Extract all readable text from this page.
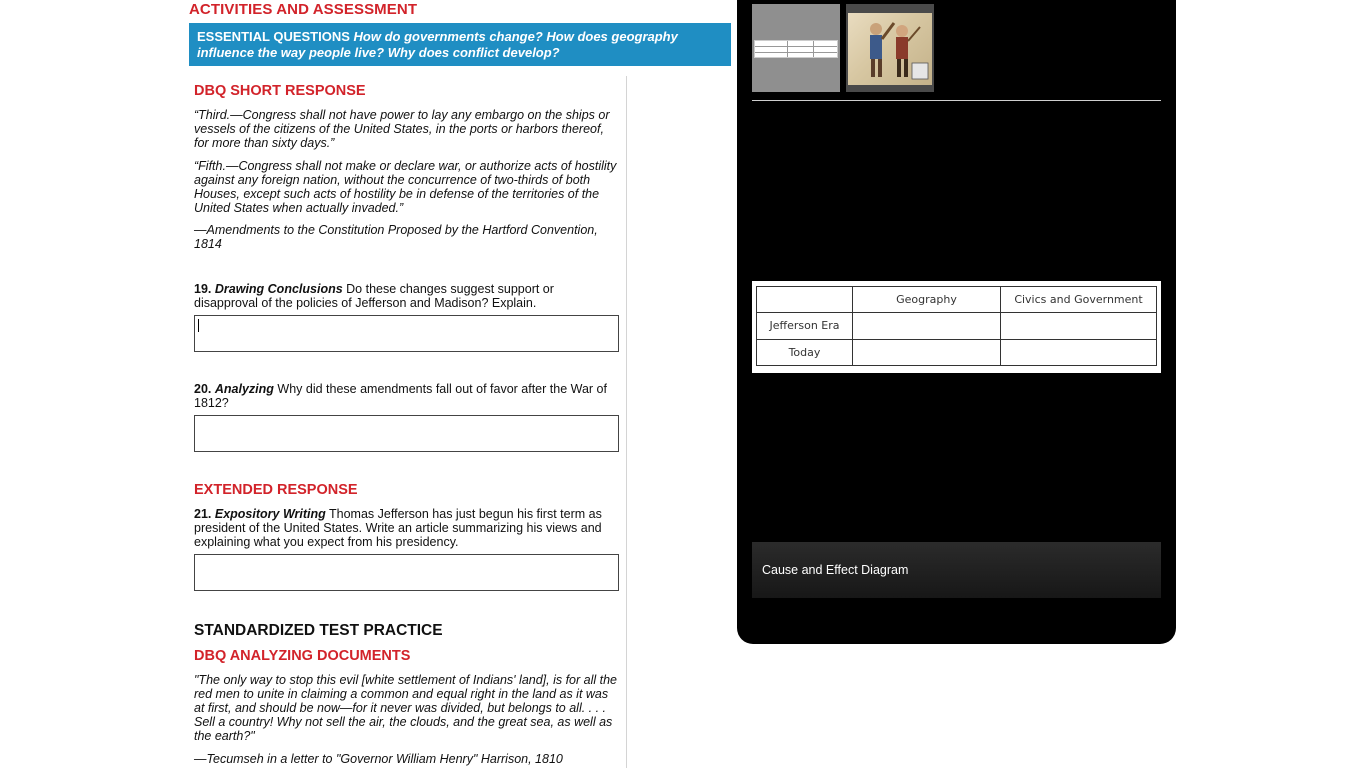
ACTIVITIES AND ASSESSMENT
ESSENTIAL QUESTIONS How do governments change? How does geography influence the way people live? Why does conflict develop?
DBQ SHORT RESPONSE
“Third.—Congress shall not have power to lay any embargo on the ships or vessels of the citizens of the United States, in the ports or harbors thereof, for more than sixty days.”
“Fifth.—Congress shall not make or declare war, or authorize acts of hostility against any foreign nation, without the concurrence of two-thirds of both Houses, except such acts of hostility be in defense of the territories of the United States when actually invaded.”
—Amendments to the Constitution Proposed by the Hartford Convention, 1814
19. Drawing Conclusions Do these changes suggest support or disapproval of the policies of Jefferson and Madison? Explain.
20. Analyzing Why did these amendments fall out of favor after the War of 1812?
EXTENDED RESPONSE
21. Expository Writing Thomas Jefferson has just begun his first term as president of the United States. Write an article summarizing his views and explaining what you expect from his presidency.
STANDARDIZED TEST PRACTICE
DBQ ANALYZING DOCUMENTS
"The only way to stop this evil [white settlement of Indians' land], is for all the red men to unite in claiming a common and equal right in the land as it was at first, and should be now—for it never was divided, but belongs to all. . . . Sell a country! Why not sell the air, the clouds, and the great sea, as well as the earth?"
—Tecumseh in a letter to "Governor William Henry" Harrison, 1810
	Geography	Civics and Government
Jefferson Era		
Today		
Cause and Effect Diagram
